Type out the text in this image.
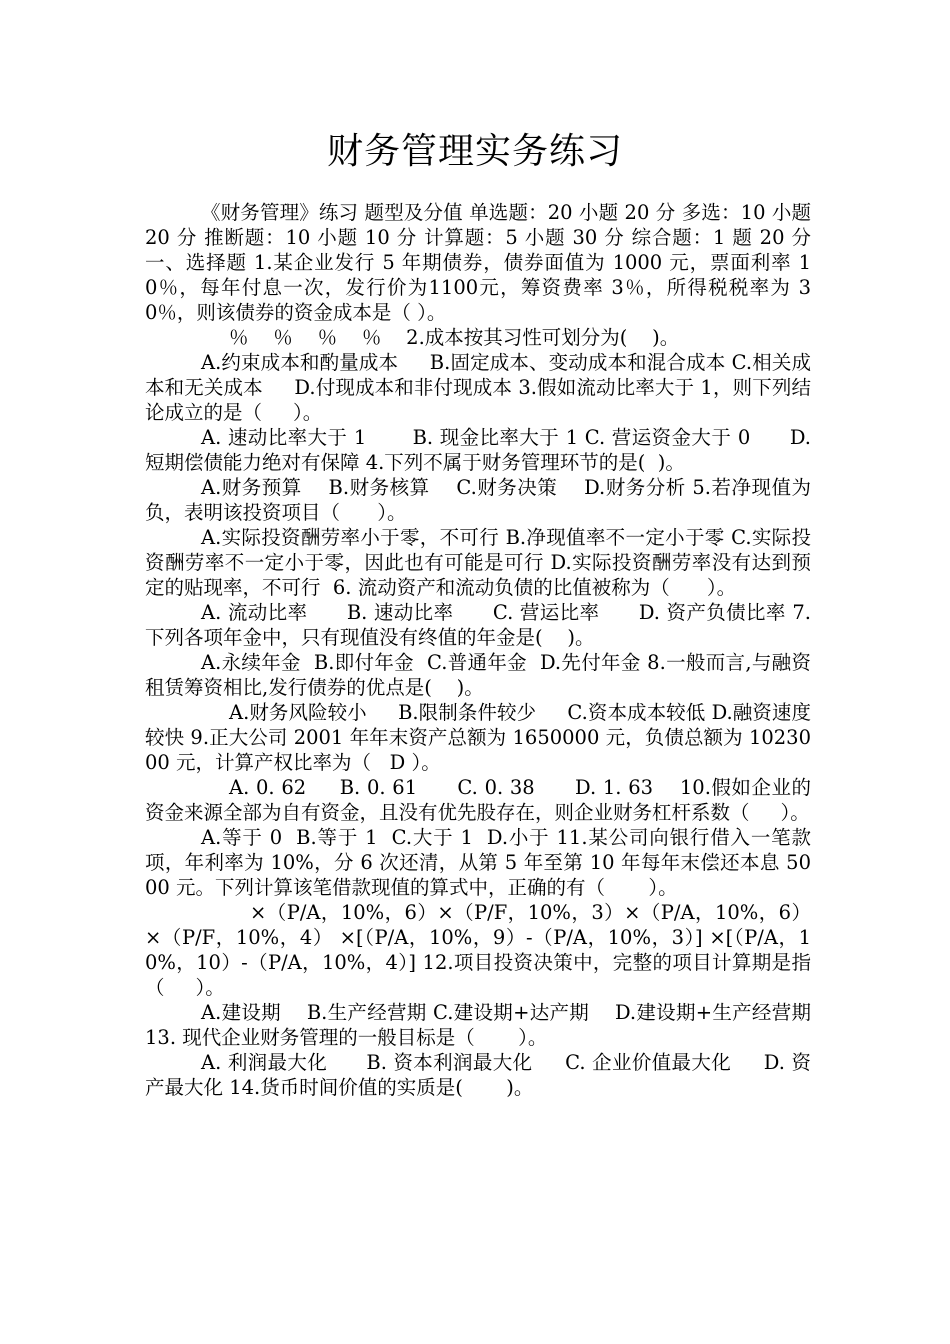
财务管理实务练习

《财务管理》练习 题型及分值 单选题：20 小题 20 分 多选：10 小题 20 分 推断题：10 小题 10 分 计算题：5 小题 30 分 综合题：1 题 20 分  一、选择题 1.某企业发行 5 年期债券，债券面值为 1000 元，票面利率 10％，每年付息一次，发行价为1100元，筹资费率 3％，所得税税率为 30％，则该债券的资金成本是（ ）。

％    ％    ％    ％    2.成本按其习性可划分为(    )。

A.约束成本和酌量成本     B.固定成本、变动成本和混合成本 C.相关成本和无关成本     D.付现成本和非付现成本 3.假如流动比率大于 1，则下列结论成立的是（     ）。

A. 速动比率大于 1       B. 现金比率大于 1 C. 营运资金大于 0      D. 短期偿债能力绝对有保障 4.下列不属于财务管理环节的是(  )。

A.财务预算    B.财务核算    C.财务决策    D.财务分析 5.若净现值为负，表明该投资项目（      ）。

A.实际投资酬劳率小于零，不可行 B.净现值率不一定小于零 C.实际投资酬劳率不一定小于零，因此也有可能是可行 D.实际投资酬劳率没有达到预定的贴现率，不可行  6. 流动资产和流动负债的比值被称为（      ）。

A. 流动比率      B. 速动比率      C. 营运比率      D. 资产负债比率 7.下列各项年金中，只有现值没有终值的年金是(    )。

A.永续年金  B.即付年金  C.普通年金  D.先付年金 8.一般而言,与融资租赁筹资相比,发行债券的优点是(    )。

A.财务风险较小     B.限制条件较少     C.资本成本较低 D.融资速度较快 9.正大公司 2001 年年末资产总额为 1650000 元，负债总额为 1023000 元，计算产权比率为（   D ）。

A. 0. 62     B. 0. 61      C. 0. 38      D. 1. 63    10.假如企业的资金来源全部为自有资金，且没有优先股存在，则企业财务杠杆系数（     ）。

A.等于 0  B.等于 1  C.大于 1  D.小于 11.某公司向银行借入一笔款项，年利率为 10%，分 6 次还清，从第 5 年至第 10 年每年末偿还本息 5000 元。下列计算该笔借款现值的算式中，正确的有（       ）。

×（P/A，10%，6）×（P/F，10%，3）×（P/A，10%，6）×（P/F，10%，4） ×[（P/A，10%，9）-（P/A，10%，3）] ×[（P/A，10%，10）-（P/A，10%，4）] 12.项目投资决策中，完整的项目计算期是指（     ）。

A.建设期    B.生产经营期 C.建设期+达产期    D.建设期+生产经营期 13. 现代企业财务管理的一般目标是（       ）。

A. 利润最大化      B. 资本利润最大化     C. 企业价值最大化     D. 资产最大化 14.货币时间价值的实质是(       )。
